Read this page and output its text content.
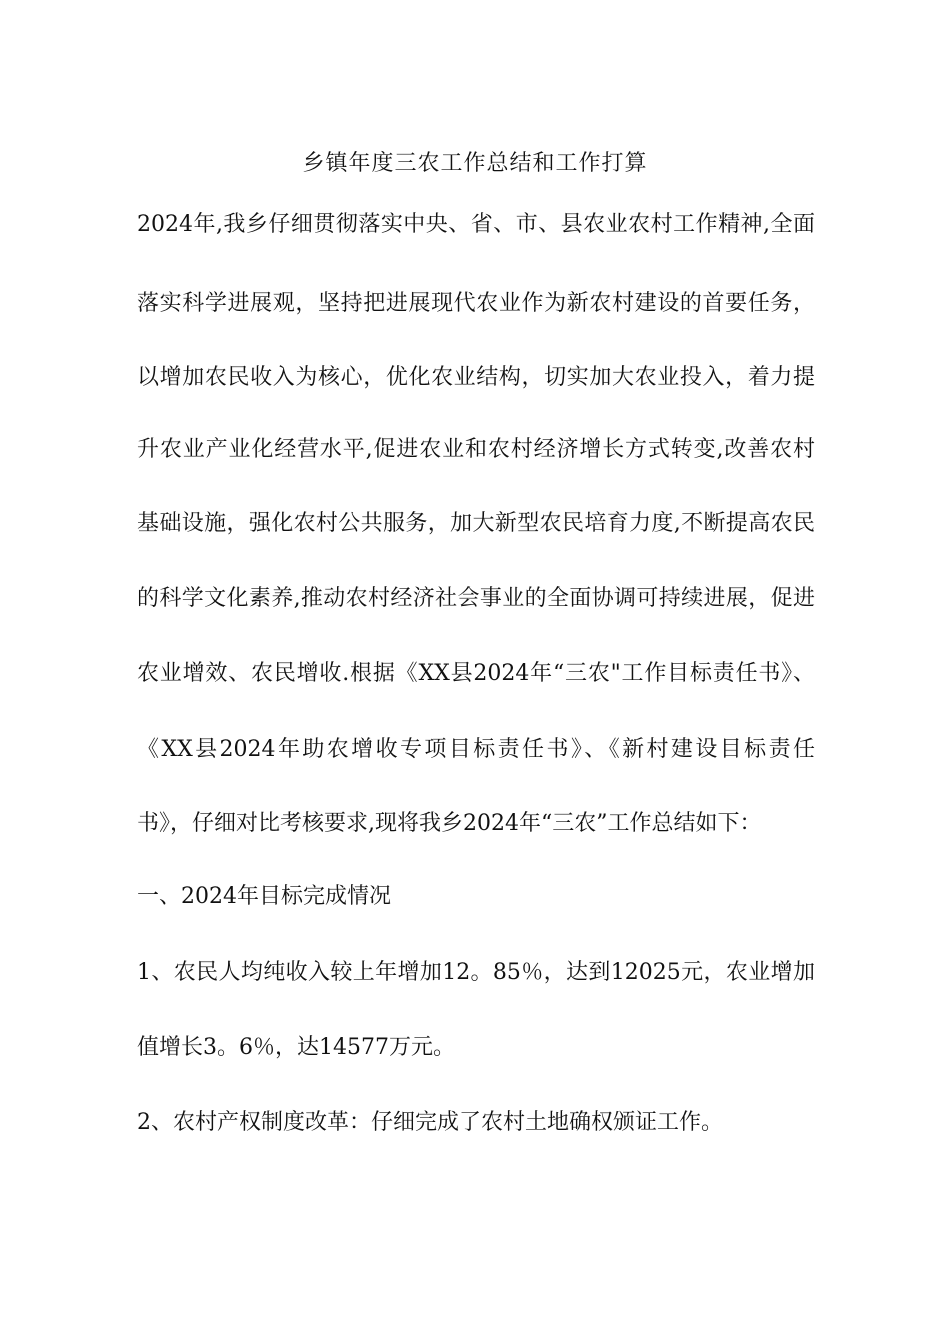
乡镇年度三农工作总结和工作打算
2024年,我乡仔细贯彻落实中央、省、市、县农业农村工作精神,全面
落实科学进展观，坚持把进展现代农业作为新农村建设的首要任务，
以增加农民收入为核心，优化农业结构，切实加大农业投入，着力提
升农业产业化经营水平,促进农业和农村经济增长方式转变,改善农村
基础设施，强化农村公共服务，加大新型农民培育力度,不断提高农民
的科学文化素养,推动农村经济社会事业的全面协调可持续进展，促进
农业增效、农民增收.根据《XX县2024年“三农"工作目标责任书》、
《XX县2024年助农增收专项目标责任书》、《新村建设目标责任
书》，仔细对比考核要求,现将我乡2024年“三农”工作总结如下：
一、2024年目标完成情况
1、农民人均纯收入较上年增加12。85％，达到12025元，农业增加
值增长3。6％，达14577万元。
2、农村产权制度改革：仔细完成了农村土地确权颁证工作。
